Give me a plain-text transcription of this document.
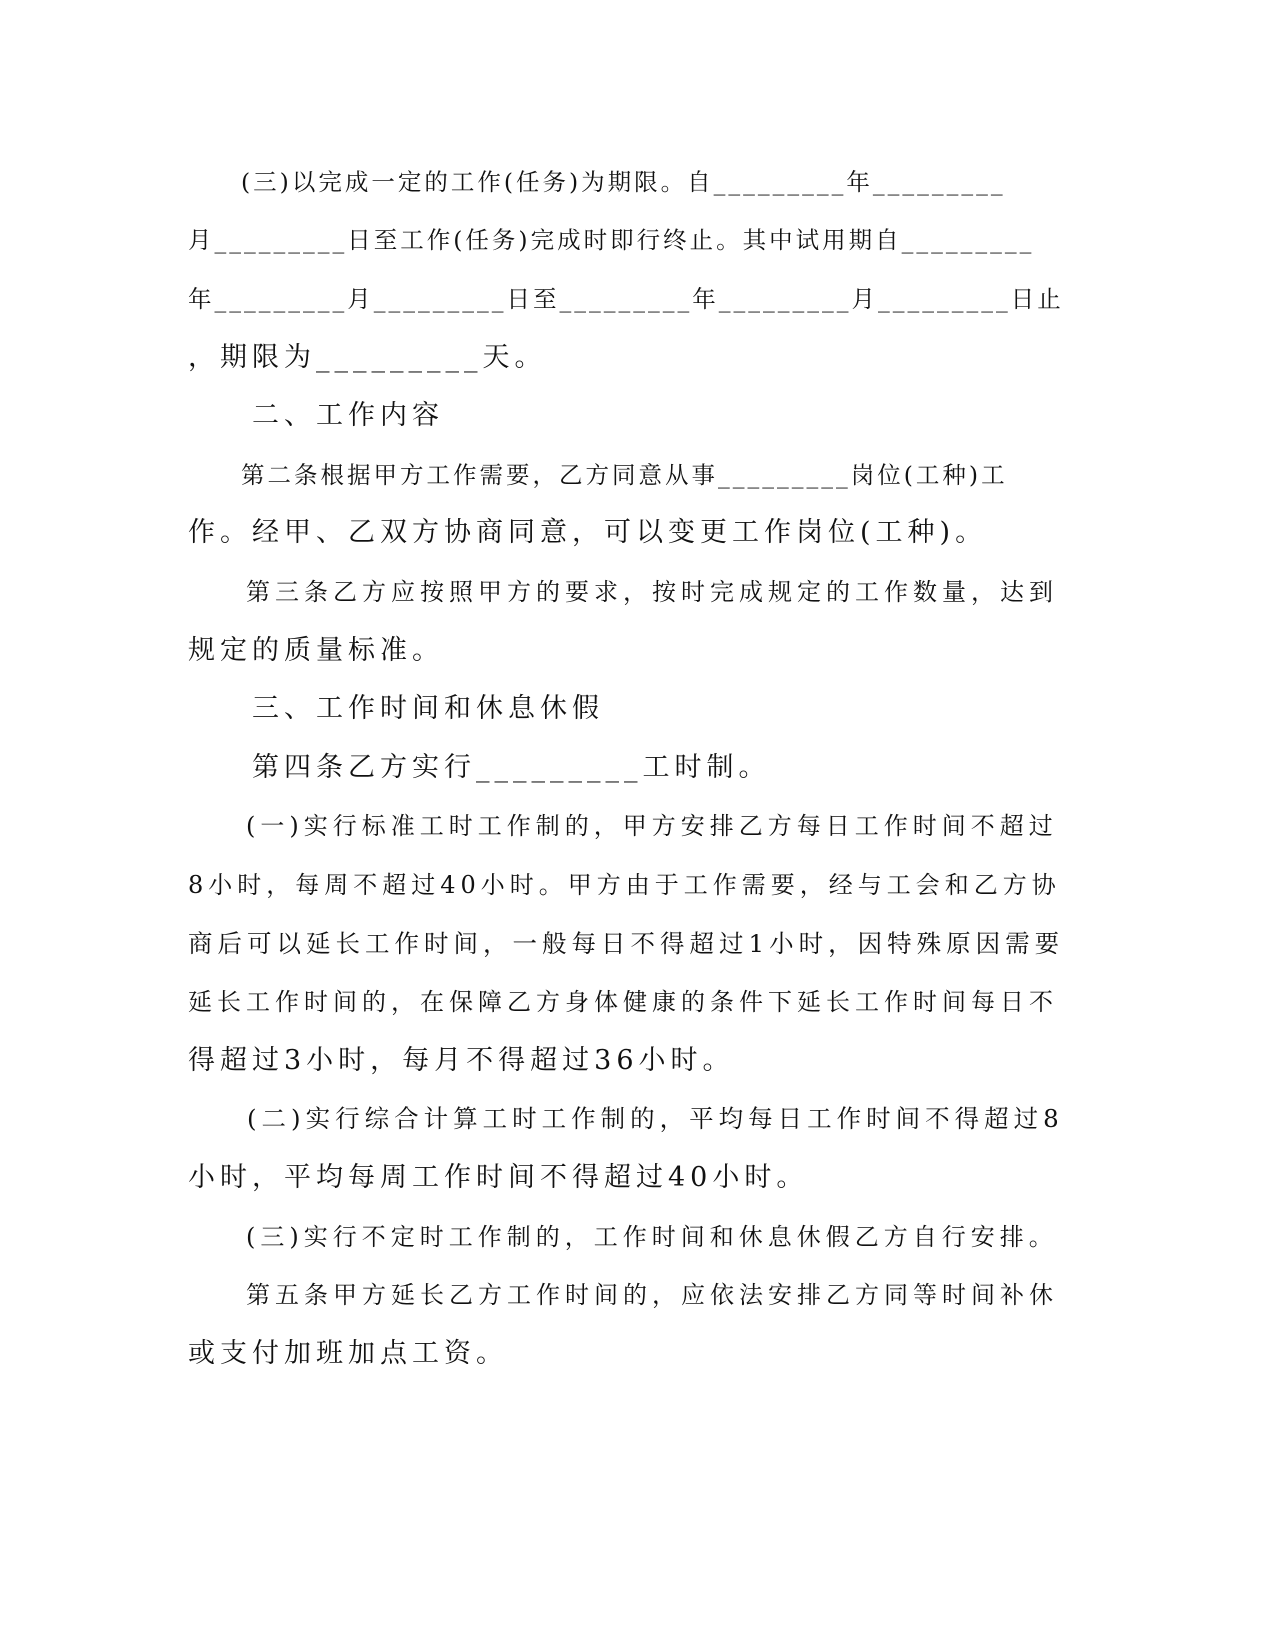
　　(三)以完成一定的工作(任务)为期限。自_________年_________
月_________日至工作(任务)完成时即行终止。其中试用期自_________
年_________月_________日至_________年_________月_________日止
，期限为_________天。
　　二、工作内容
　　第二条根据甲方工作需要，乙方同意从事_________岗位(工种)工
作。经甲、乙双方协商同意，可以变更工作岗位(工种)。
　　第三条乙方应按照甲方的要求，按时完成规定的工作数量，达到
规定的质量标准。
　　三、工作时间和休息休假
　　第四条乙方实行_________工时制。
　　(一)实行标准工时工作制的，甲方安排乙方每日工作时间不超过
8小时，每周不超过40小时。甲方由于工作需要，经与工会和乙方协
商后可以延长工作时间，一般每日不得超过1小时，因特殊原因需要
延长工作时间的，在保障乙方身体健康的条件下延长工作时间每日不
得超过3小时，每月不得超过36小时。
　　(二)实行综合计算工时工作制的，平均每日工作时间不得超过8
小时，平均每周工作时间不得超过40小时。
　　(三)实行不定时工作制的，工作时间和休息休假乙方自行安排。
　　第五条甲方延长乙方工作时间的，应依法安排乙方同等时间补休
或支付加班加点工资。
